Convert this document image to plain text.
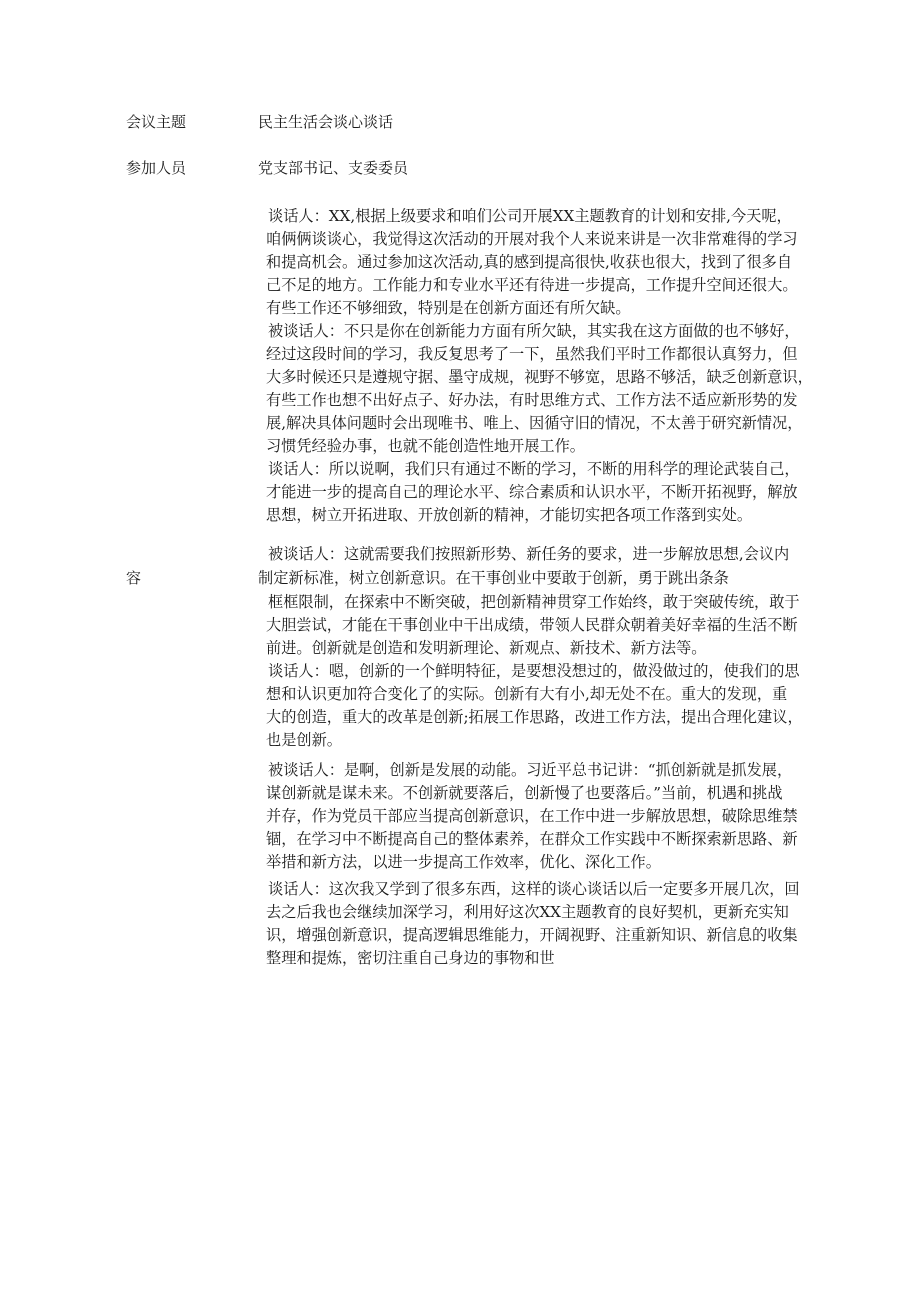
会议主题	民主生活会谈心谈话
参加人员	党支部书记、支委委员
容
谈话人：XX,根据上级要求和咱们公司开展XX主题教育的计划和安排,今天呢，
咱俩俩谈谈心，我觉得这次活动的开展对我个人来说来讲是一次非常难得的学习
和提高机会。通过参加这次活动,真的感到提高很快,收获也很大，找到了很多自
己不足的地方。工作能力和专业水平还有待进一步提高，工作提升空间还很大。
有些工作还不够细致，特别是在创新方面还有所欠缺。
被谈话人：不只是你在创新能力方面有所欠缺，其实我在这方面做的也不够好，
经过这段时间的学习，我反复思考了一下，虽然我们平时工作都很认真努力，但
大多时候还只是遵规守据、墨守成规，视野不够宽，思路不够活，缺乏创新意识，
有些工作也想不出好点子、好办法，有时思维方式、工作方法不适应新形势的发
展,解决具体问题时会出现唯书、唯上、因循守旧的情况，不太善于研究新情况，
习惯凭经验办事，也就不能创造性地开展工作。
谈话人：所以说啊，我们只有通过不断的学习，不断的用科学的理论武装自己，
才能进一步的提高自己的理论水平、综合素质和认识水平，不断开拓视野，解放
思想，树立开拓进取、开放创新的精神，才能切实把各项工作落到实处。
被谈话人：这就需要我们按照新形势、新任务的要求，进一步解放思想,会议内
制定新标准，树立创新意识。在干事创业中要敢于创新，勇于跳出条条
框框限制，在探索中不断突破，把创新精神贯穿工作始终，敢于突破传统，敢于
大胆尝试，才能在干事创业中干出成绩，带领人民群众朝着美好幸福的生活不断
前进。创新就是创造和发明新理论、新观点、新技术、新方法等。
谈话人：嗯，创新的一个鲜明特征，是要想没想过的，做没做过的，使我们的思
想和认识更加符合变化了的实际。创新有大有小,却无处不在。重大的发现，重
大的创造，重大的改革是创新;拓展工作思路，改进工作方法，提出合理化建议，
也是创新。
被谈话人：是啊，创新是发展的动能。习近平总书记讲：“抓创新就是抓发展，
谋创新就是谋未来。不创新就要落后，创新慢了也要落后。”当前，机遇和挑战
并存，作为党员干部应当提高创新意识，在工作中进一步解放思想，破除思维禁
锢，在学习中不断提高自己的整体素养，在群众工作实践中不断探索新思路、新
举措和新方法，以进一步提高工作效率，优化、深化工作。
谈话人：这次我又学到了很多东西，这样的谈心谈话以后一定要多开展几次，回
去之后我也会继续加深学习，利用好这次XX主题教育的良好契机，更新充实知
识，增强创新意识，提高逻辑思维能力，开阔视野、注重新知识、新信息的收集
整理和提炼，密切注重自己身边的事物和世
